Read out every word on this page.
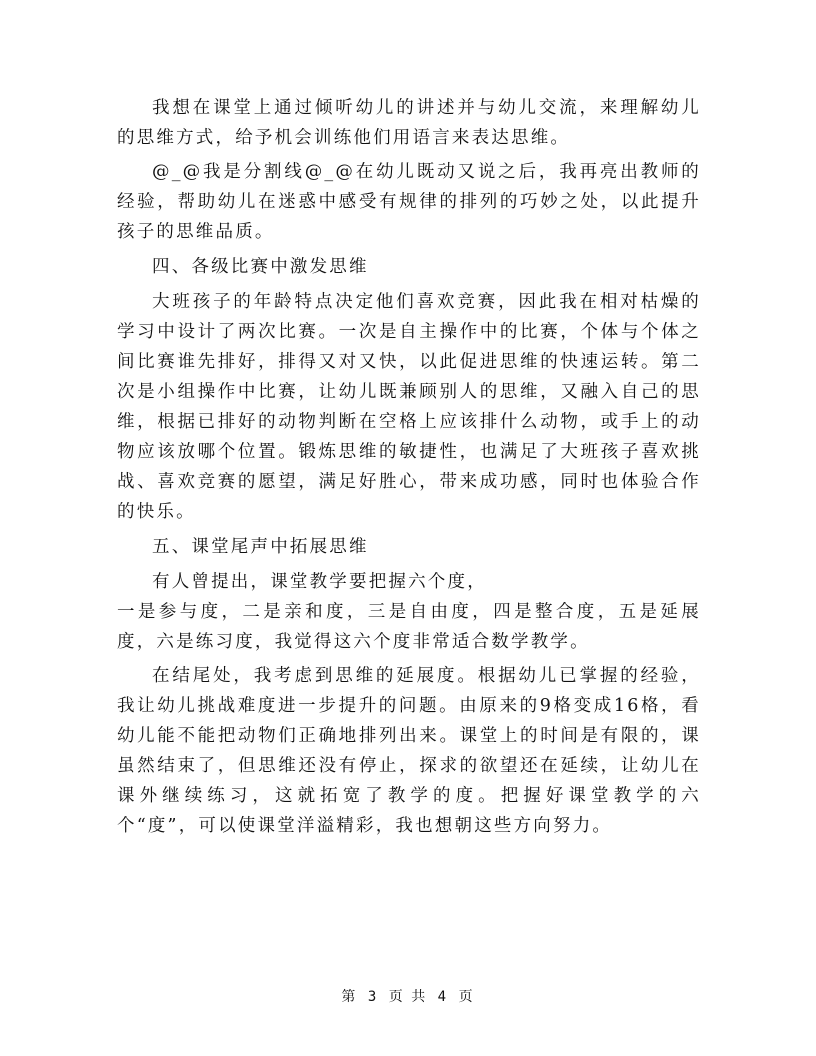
我想在课堂上通过倾听幼儿的讲述并与幼儿交流，来理解幼儿的思维方式，给予机会训练他们用语言来表达思维。

@_@我是分割线@_@在幼儿既动又说之后，我再亮出教师的经验，帮助幼儿在迷惑中感受有规律的排列的巧妙之处，以此提升孩子的思维品质。

四、各级比赛中激发思维

大班孩子的年龄特点决定他们喜欢竞赛，因此我在相对枯燥的学习中设计了两次比赛。一次是自主操作中的比赛，个体与个体之间比赛谁先排好，排得又对又快，以此促进思维的快速运转。第二次是小组操作中比赛，让幼儿既兼顾别人的思维，又融入自己的思维，根据已排好的动物判断在空格上应该排什么动物，或手上的动物应该放哪个位置。锻炼思维的敏捷性，也满足了大班孩子喜欢挑战、喜欢竞赛的愿望，满足好胜心，带来成功感，同时也体验合作的快乐。

五、课堂尾声中拓展思维

有人曾提出，课堂教学要把握六个度，

一是参与度，二是亲和度，三是自由度，四是整合度，五是延展度，六是练习度，我觉得这六个度非常适合数学教学。

在结尾处，我考虑到思维的延展度。根据幼儿已掌握的经验，我让幼儿挑战难度进一步提升的问题。由原来的9格变成16格，看幼儿能不能把动物们正确地排列出来。课堂上的时间是有限的，课虽然结束了，但思维还没有停止，探求的欲望还在延续，让幼儿在课外继续练习，这就拓宽了教学的度。把握好课堂教学的六个“度”，可以使课堂洋溢精彩，我也想朝这些方向努力。

第 3 页 共 4 页
